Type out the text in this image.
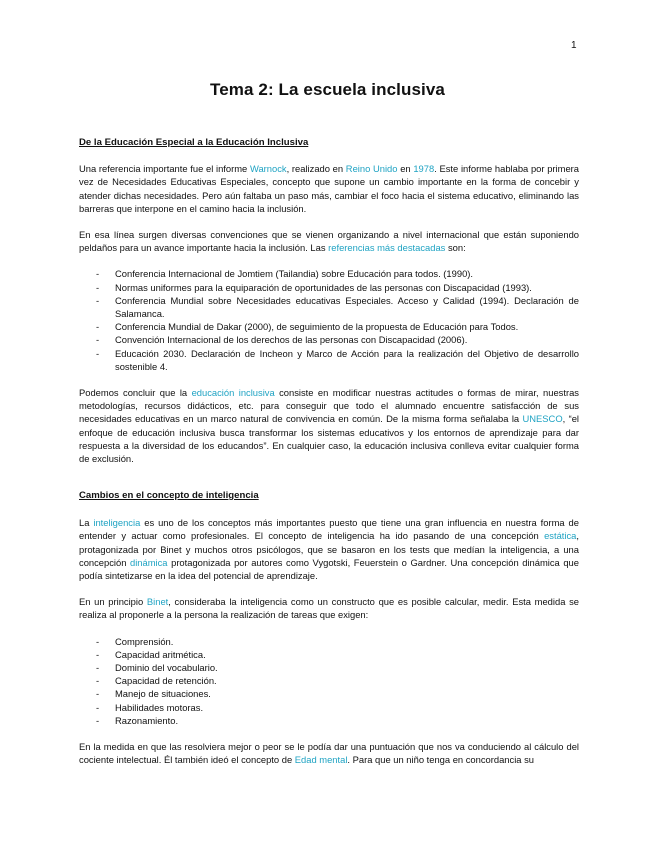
1
Tema 2: La escuela inclusiva
De la Educación Especial a la Educación Inclusiva

Una referencia importante fue el informe Warnock, realizado en Reino Unido en 1978. Este informe hablaba por primera vez de Necesidades Educativas Especiales, concepto que supone un cambio importante en la forma de concebir y atender dichas necesidades. Pero aún faltaba un paso más, cambiar el foco hacia el sistema educativo, eliminando las barreras que interpone en el camino hacia la inclusión.

En esa línea surgen diversas convenciones que se vienen organizando a nivel internacional que están suponiendo peldaños para un avance importante hacia la inclusión. Las referencias más destacadas son:

- Conferencia Internacional de Jomtiem (Tailandia) sobre Educación para todos. (1990).
- Normas uniformes para la equiparación de oportunidades de las personas con Discapacidad (1993).
- Conferencia Mundial sobre Necesidades educativas Especiales. Acceso y Calidad (1994). Declaración de Salamanca.
- Conferencia Mundial de Dakar (2000), de seguimiento de la propuesta de Educación para Todos.
- Convención Internacional de los derechos de las personas con Discapacidad (2006).
- Educación 2030. Declaración de Incheon y Marco de Acción para la realización del Objetivo de desarrollo sostenible 4.

Podemos concluir que la educación inclusiva consiste en modificar nuestras actitudes o formas de mirar, nuestras metodologías, recursos didácticos, etc. para conseguir que todo el alumnado encuentre satisfacción de sus necesidades educativas en un marco natural de convivencia en común. De la misma forma señalaba la UNESCO, “el enfoque de educación inclusiva busca transformar los sistemas educativos y los entornos de aprendizaje para dar respuesta a la diversidad de los educandos”. En cualquier caso, la educación inclusiva conlleva evitar cualquier forma de exclusión.

Cambios en el concepto de inteligencia

La inteligencia es uno de los conceptos más importantes puesto que tiene una gran influencia en nuestra forma de entender y actuar como profesionales. El concepto de inteligencia ha ido pasando de una concepción estática, protagonizada por Binet y muchos otros psicólogos, que se basaron en los tests que medían la inteligencia, a una concepción dinámica protagonizada por autores como Vygotski, Feuerstein o Gardner. Una concepción dinámica que podía sintetizarse en la idea del potencial de aprendizaje.

En un principio Binet, consideraba la inteligencia como un constructo que es posible calcular, medir. Esta medida se realiza al proponerle a la persona la realización de tareas que exigen:

- Comprensión.
- Capacidad aritmética.
- Dominio del vocabulario.
- Capacidad de retención.
- Manejo de situaciones.
- Habilidades motoras.
- Razonamiento.

En la medida en que las resolviera mejor o peor se le podía dar una puntuación que nos va conduciendo al cálculo del cociente intelectual. Él también ideó el concepto de Edad mental. Para que un niño tenga en concordancia su
